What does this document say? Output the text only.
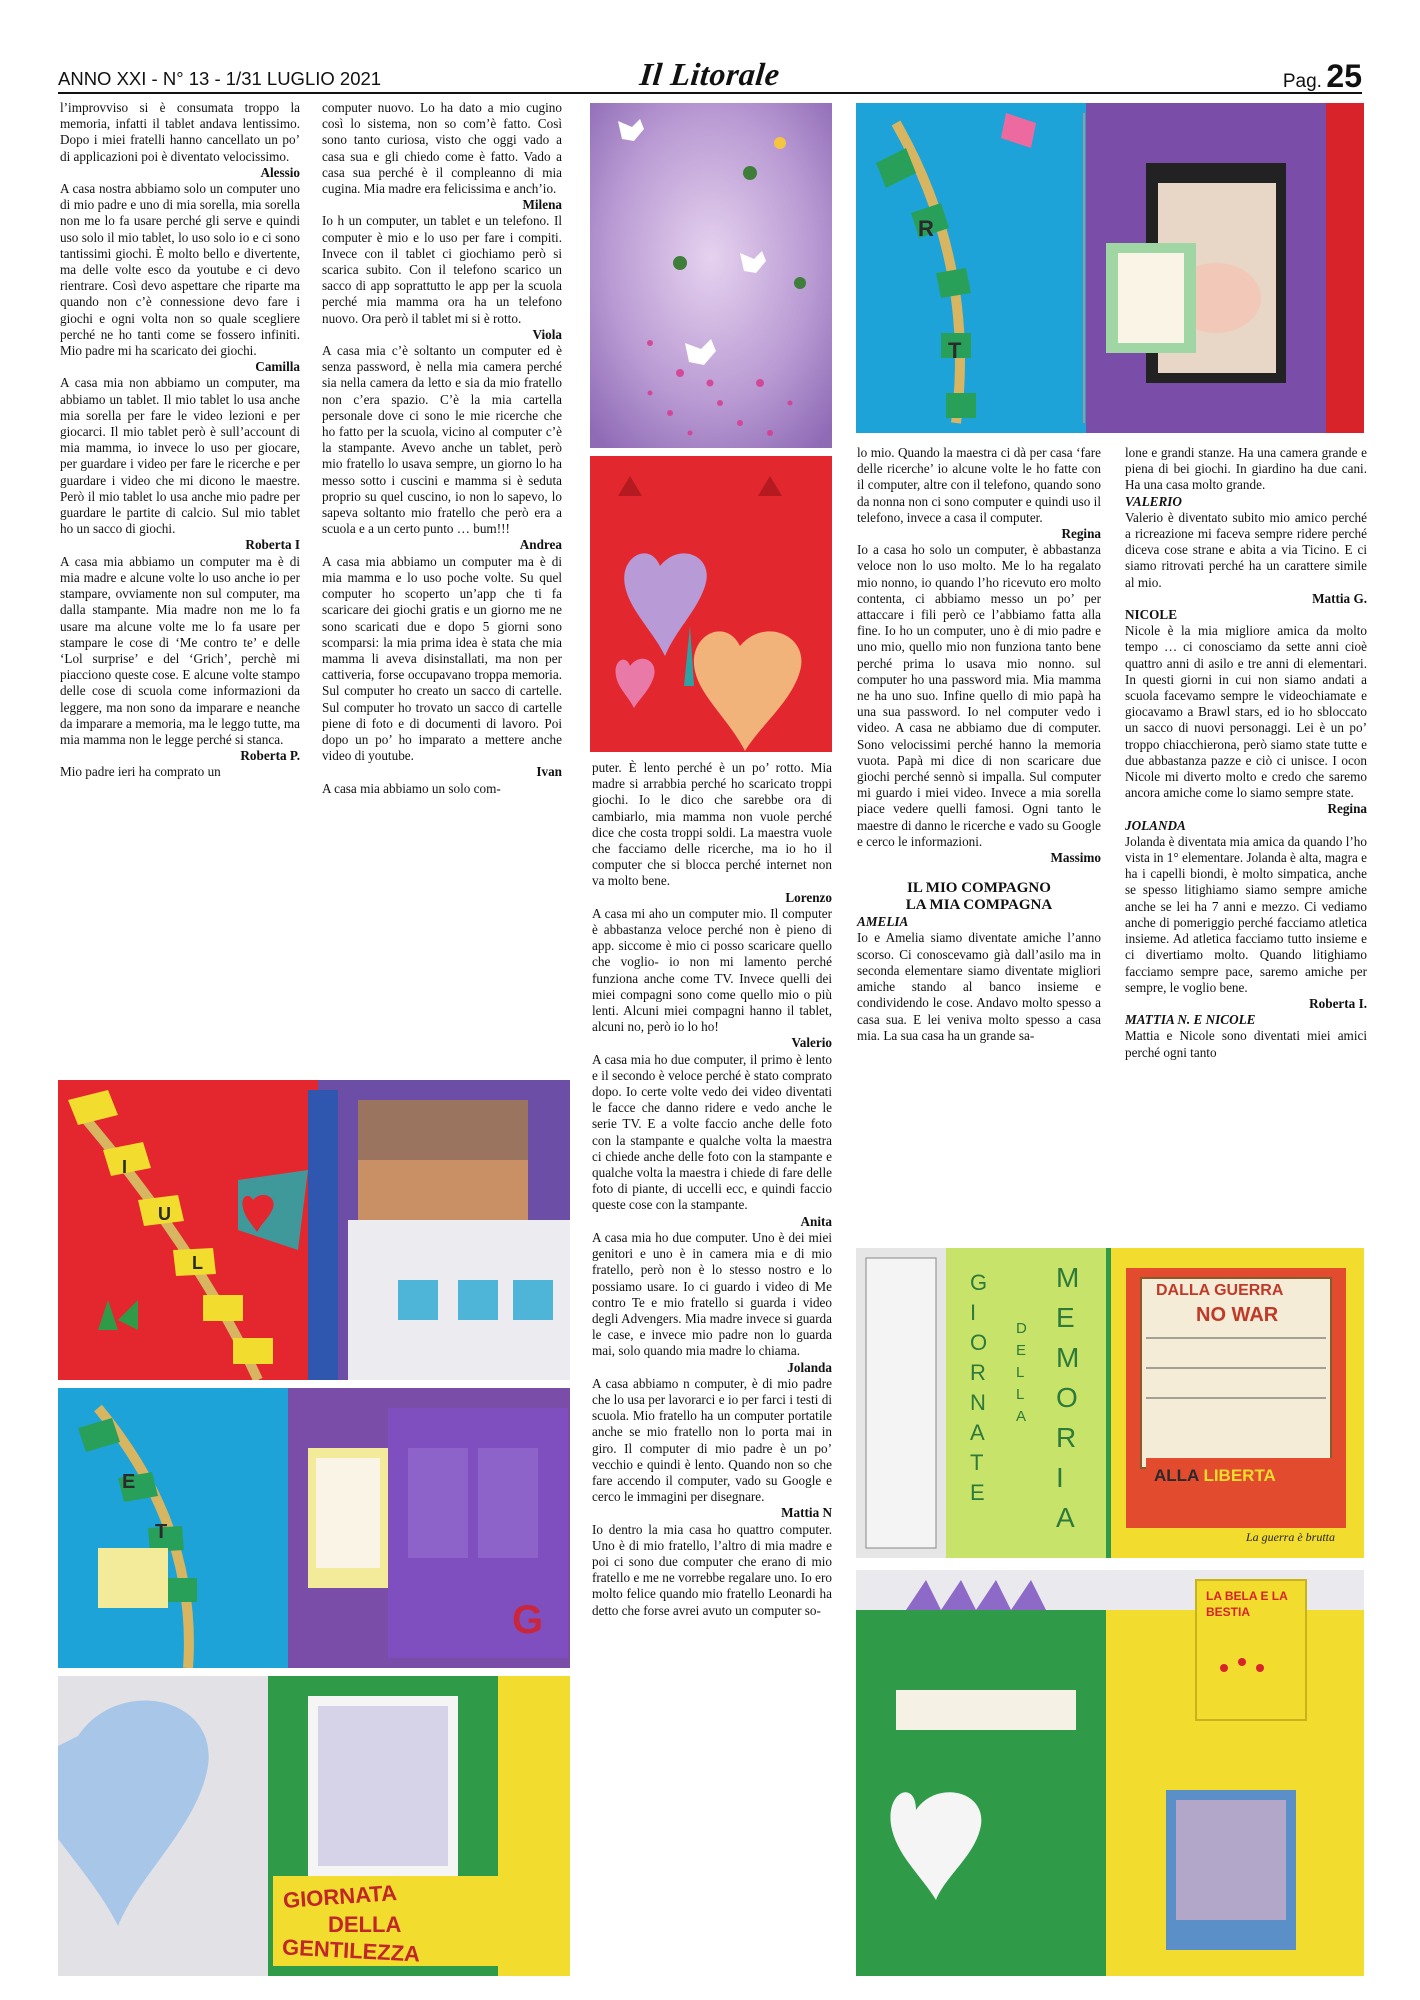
ANNO XXI - N° 13 - 1/31 LUGLIO 2021	Il Litorale	Pag. 25

l’improvviso si è consumata troppo la memoria, infatti il tablet andava lentissimo. Dopo i miei fratelli hanno cancellato un po’ di applicazioni poi è diventato velocissimo.

Alessio

A casa nostra abbiamo solo un computer uno di mio padre e uno di mia sorella, mia sorella non me lo fa usare perché gli serve e quindi uso solo il mio tablet, lo uso solo io e ci sono tantissimi giochi. È molto bello e divertente, ma delle volte esco da youtube e ci devo rientrare. Così devo aspettare che riparte ma quando non c’è connessione devo fare i giochi e ogni volta non so quale scegliere perché ne ho tanti come se fossero infiniti. Mio padre mi ha scaricato dei giochi.

Camilla

A casa mia non abbiamo un computer, ma abbiamo un tablet. Il mio tablet lo usa anche mia sorella per fare le video lezioni e per giocarci. Il mio tablet però è sull’account di mia mamma, io invece lo uso per giocare, per guardare i video per fare le ricerche e per guardare i video che mi dicono le maestre. Però il mio tablet lo usa anche mio padre per guardare le partite di calcio. Sul mio tablet ho un sacco di giochi.

Roberta I

A casa mia abbiamo un computer ma è di mia madre e alcune volte lo uso anche io per stampare, ovviamente non sul computer, ma dalla stampante. Mia madre non me lo fa usare ma alcune volte me lo fa usare per stampare le cose di ‘Me contro te’ e delle ‘Lol surprise’ e del ‘Grich’, perchè mi piacciono queste cose. E alcune volte stampo delle cose di scuola come informazioni da leggere, ma non sono da imparare e neanche da imparare a memoria, ma le leggo tutte, ma mia mamma non le legge perché si stanca.

Roberta P.

Mio padre ieri ha comprato un

computer nuovo. Lo ha dato a mio cugino così lo sistema, non so com’è fatto. Così sono tanto curiosa, visto che oggi vado a casa sua e gli chiedo come è fatto. Vado a casa sua perché è il compleanno di mia cugina. Mia madre era felicissima e anch’io.

Milena

Io h un computer, un tablet e un telefono. Il computer è mio e lo uso per fare i compiti. Invece con il tablet ci giochiamo però si scarica subito. Con il telefono scarico un sacco di app soprattutto le app per la scuola perché mia mamma ora ha un telefono nuovo. Ora però il tablet mi si è rotto.

Viola

A casa mia c’è soltanto un computer ed è senza password, è nella mia camera perché sia nella camera da letto e sia da mio fratello non c’era spazio. C’è la mia cartella personale dove ci sono le mie ricerche che ho fatto per la scuola, vicino al computer c’è la stampante. Avevo anche un tablet, però mio fratello lo usava sempre, un giorno lo ha messo sotto i cuscini e mamma si è seduta proprio su quel cuscino, io non lo sapevo, lo sapeva soltanto mio fratello che però era a scuola e a un certo punto … bum!!!

Andrea

A casa mia abbiamo un computer ma è di mia mamma e lo uso poche volte. Su quel computer ho scoperto un’app che ti fa scaricare dei giochi gratis e un giorno me ne sono scaricati due e dopo 5 giorni sono scomparsi: la mia prima idea è stata che mia mamma li aveva disinstallati, ma non per cattiveria, forse occupavano troppa memoria. Sul computer ho creato un sacco di cartelle. Sul computer ho trovato un sacco di cartelle piene di foto e di documenti di lavoro. Poi dopo un po’ ho imparato a mettere anche video di youtube.

Ivan

A casa mia abbiamo un solo com-

puter. È lento perché è un po’ rotto. Mia madre si arrabbia perché ho scaricato troppi giochi. Io le dico che sarebbe ora di cambiarlo, mia mamma non vuole perché dice che costa troppi soldi. La maestra vuole che facciamo delle ricerche, ma io ho il computer che si blocca perché internet non va molto bene.

Lorenzo

A casa mi aho un computer mio. Il computer è abbastanza veloce perché non è pieno di app. siccome è mio ci posso scaricare quello che voglio- io non mi lamento perché funziona anche come TV. Invece quelli dei miei compagni sono come quello mio o più lenti. Alcuni miei compagni hanno il tablet, alcuni no, però io lo ho!

Valerio

A casa mia ho due computer, il primo è lento e il secondo è veloce perché è stato comprato dopo. Io certe volte vedo dei video diventati le facce che danno ridere e vedo anche le serie TV. E a volte faccio anche delle foto con la stampante e qualche volta la maestra ci chiede anche delle foto con la stampante e qualche volta la maestra i chiede di fare delle foto di piante, di uccelli ecc, e quindi faccio queste cose con la stampante.

Anita

A casa mia ho due computer. Uno è dei miei genitori e uno è in camera mia e di mio fratello, però non è lo stesso nostro e lo possiamo usare. Io ci guardo i video di Me contro Te e mio fratello si guarda i video degli Advengers. Mia madre invece si guarda le case, e invece mio padre non lo guarda mai, solo quando mia madre lo chiama.

Jolanda

A casa abbiamo n computer, è di mio padre che lo usa per lavorarci e io per farci i testi di scuola. Mio fratello ha un computer portatile anche se mio fratello non lo porta mai in giro. Il computer di mio padre è un po’ vecchio e quindi è lento. Quando non so che fare accendo il computer, vado su Google e cerco le immagini per disegnare.

Mattia N

Io dentro la mia casa ho quattro computer. Uno è di mio fratello, l’altro di mia madre e poi ci sono due computer che erano di mio fratello e me ne vorrebbe regalare uno. Io ero molto felice quando mio fratello Leonardi ha detto che forse avrei avuto un computer so-

lo mio. Quando la maestra ci dà per casa ‘fare delle ricerche’ io alcune volte le ho fatte con il computer, altre con il telefono, quando sono da nonna non ci sono computer e quindi uso il telefono, invece a casa il computer.

Regina

Io a casa ho solo un computer, è abbastanza veloce non lo uso molto. Me lo ha regalato mio nonno, io quando l’ho ricevuto ero molto contenta, ci abbiamo messo un po’ per attaccare i fili però ce l’abbiamo fatta alla fine. Io ho un computer, uno è di mio padre e uno mio, quello mio non funziona tanto bene perché prima lo usava mio nonno. sul computer ho una password mia. Mia mamma ne ha uno suo. Infine quello di mio papà ha una sua password. Io nel computer vedo i video. A casa ne abbiamo due di computer. Sono velocissimi perché hanno la memoria vuota. Papà mi dice di non scaricare due giochi perché sennò si impalla. Sul computer mi guardo i miei video. Invece a mia sorella piace vedere quelli famosi. Ogni tanto le maestre di danno le ricerche e vado su Google e cerco le informazioni.

Massimo

IL MIO COMPAGNO

LA MIA COMPAGNA

AMELIA

Io e Amelia siamo diventate amiche l’anno scorso. Ci conoscevamo già dall’asilo ma in seconda elementare siamo diventate migliori amiche stando al banco insieme e condividendo le cose. Andavo molto spesso a casa sua. E lei veniva molto spesso a casa mia. La sua casa ha un grande sa-

lone e grandi stanze. Ha una camera grande e piena di bei giochi. In giardino ha due cani. Ha una casa molto grande.

VALERIO

Valerio è diventato subito mio amico perché a ricreazione mi faceva sempre ridere perché diceva cose strane e abita a via Ticino. E ci siamo ritrovati perché ha un carattere simile al mio.

Mattia G.

NICOLE

Nicole è la mia migliore amica da molto tempo … ci conosciamo da sette anni cioè quattro anni di asilo e tre anni di elementari. In questi giorni in cui non siamo andati a scuola facevamo sempre le videochiamate e giocavamo a Brawl stars, ed io ho sbloccato un sacco di nuovi personaggi. Lei è un po’ troppo chiacchierona, però siamo state tutte e due abbastanza pazze e ciò ci unisce. I ocon Nicole mi diverto molto e credo che saremo ancora amiche come lo siamo sempre state.

Regina

JOLANDA

Jolanda è diventata mia amica da quando l’ho vista in 1° elementare. Jolanda è alta, magra e ha i capelli biondi, è molto simpatica, anche se spesso litighiamo siamo sempre amiche anche se lei ha 7 anni e mezzo. Ci vediamo anche di pomeriggio perché facciamo atletica insieme. Ad atletica facciamo tutto insieme e ci divertiamo molto. Quando litighiamo facciamo sempre pace, saremo amiche per sempre, le voglio bene.

Roberta I.

MATTIA N. E NICOLE

Mattia e Nicole sono diventati miei amici perché ogni tanto

R
T
I
U
L
E
T
G
GIORNATA
DELLA
GENTILEZZA
GIORNATE
DELLA
MEMORIA
DALLA GUERRA
NO WAR
ALLA LIBERTA
La guerra è brutta
LA BELA E LA BESTIA
